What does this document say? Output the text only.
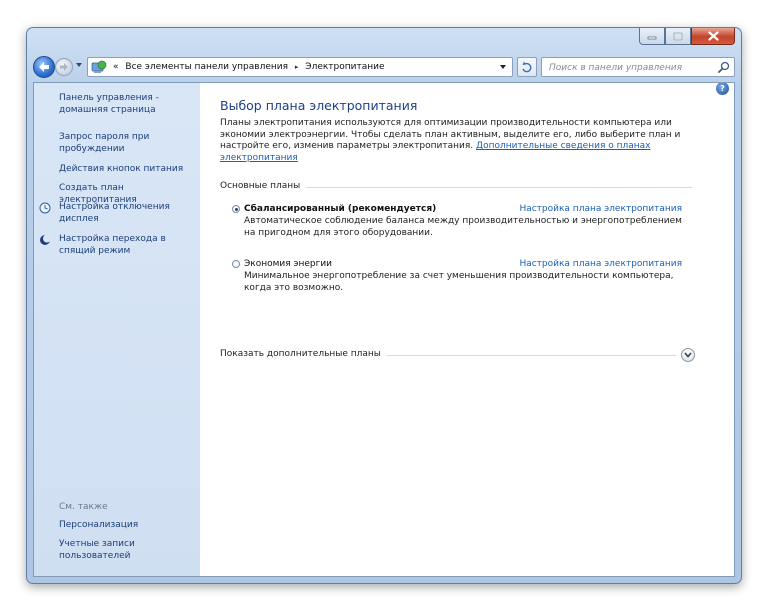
« Все элементы панели управления ▸ Электропитание
Поиск в панели управления
Панель управления - домашняя страница
Запрос пароля при пробуждении
Действия кнопок питания
Создать план электропитания
Настройка отключения дисплея
Настройка перехода в спящий режим
См. также
Персонализация
Учетные записи пользователей
?
Выбор плана электропитания
Планы электропитания используются для оптимизации производительности компьютера или экономии электроэнергии. Чтобы сделать план активным, выделите его, либо выберите план и настройте его, изменив параметры электропитания. Дополнительные сведения о планах электропитания
Основные планы
Сбалансированный (рекомендуется)	Настройка плана электропитания
Автоматическое соблюдение баланса между производительностью и энергопотреблением на пригодном для этого оборудовании.
Экономия энергии	Настройка плана электропитания
Минимальное энергопотребление за счет уменьшения производительности компьютера, когда это возможно.
Показать дополнительные планы
